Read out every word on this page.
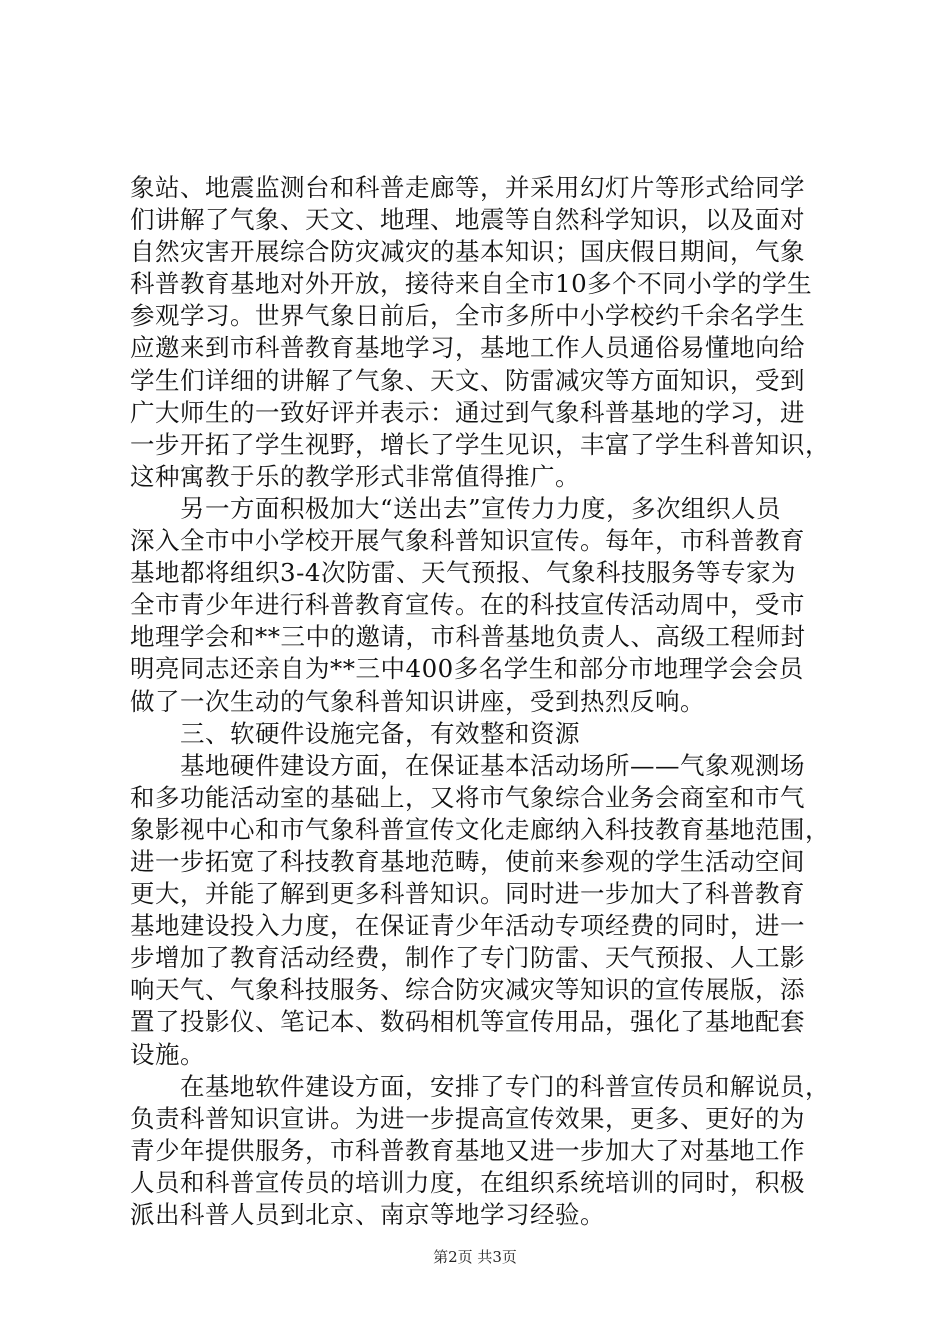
象站、地震监测台和科普走廊等，并采用幻灯片等形式给同学
们讲解了气象、天文、地理、地震等自然科学知识，以及面对
自然灾害开展综合防灾减灾的基本知识；国庆假日期间，气象
科普教育基地对外开放，接待来自全市10多个不同小学的学生
参观学习。世界气象日前后，全市多所中小学校约千余名学生
应邀来到市科普教育基地学习，基地工作人员通俗易懂地向给
学生们详细的讲解了气象、天文、防雷减灾等方面知识，受到
广大师生的一致好评并表示：通过到气象科普基地的学习，进
一步开拓了学生视野，增长了学生见识，丰富了学生科普知识，
这种寓教于乐的教学形式非常值得推广。
　　另一方面积极加大“送出去”宣传力力度，多次组织人员
深入全市中小学校开展气象科普知识宣传。每年，市科普教育
基地都将组织3-4次防雷、天气预报、气象科技服务等专家为
全市青少年进行科普教育宣传。在的科技宣传活动周中，受市
地理学会和**三中的邀请，市科普基地负责人、高级工程师封
明亮同志还亲自为**三中400多名学生和部分市地理学会会员
做了一次生动的气象科普知识讲座，受到热烈反响。
　　三、软硬件设施完备，有效整和资源
　　基地硬件建设方面，在保证基本活动场所——气象观测场
和多功能活动室的基础上，又将市气象综合业务会商室和市气
象影视中心和市气象科普宣传文化走廊纳入科技教育基地范围，
进一步拓宽了科技教育基地范畴，使前来参观的学生活动空间
更大，并能了解到更多科普知识。同时进一步加大了科普教育
基地建设投入力度，在保证青少年活动专项经费的同时，进一
步增加了教育活动经费，制作了专门防雷、天气预报、人工影
响天气、气象科技服务、综合防灾减灾等知识的宣传展版，添
置了投影仪、笔记本、数码相机等宣传用品，强化了基地配套
设施。
　　在基地软件建设方面，安排了专门的科普宣传员和解说员，
负责科普知识宣讲。为进一步提高宣传效果，更多、更好的为
青少年提供服务，市科普教育基地又进一步加大了对基地工作
人员和科普宣传员的培训力度，在组织系统培训的同时，积极
派出科普人员到北京、南京等地学习经验。
第2页 共3页
